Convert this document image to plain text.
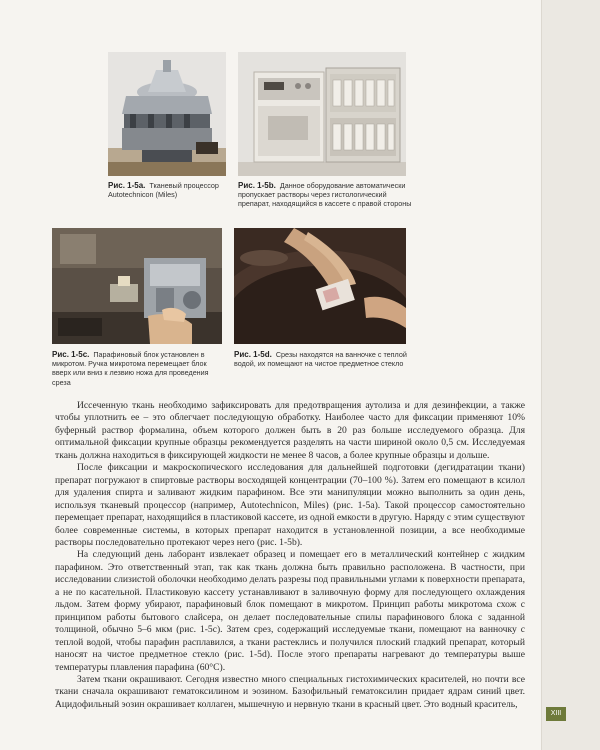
Рис. 1-5a. Тканевый процессор Autotechnicon (Miles)
Рис. 1-5b. Данное оборудование автоматически пропускает растворы через гистологический препарат, находящийся в кассете с правой стороны
Рис. 1-5c. Парафиновый блок установлен в микротом. Ручка микротома перемещает блок вверх или вниз к лезвию ножа для проведения среза
Рис. 1-5d. Срезы находятся на ванночке с теплой водой, их помещают на чистое предметное стекло

Иссеченную ткань необходимо зафиксировать для предотвращения аутолиза и для дезинфекции, а также чтобы уплотнить ее – это облегчает последующую обработку. Наиболее часто для фиксации применяют 10% буферный раствор формалина, объем которого должен быть в 20 раз больше исследуемого образца. Для оптимальной фиксации крупные образцы рекомендуется разделять на части шириной около 0,5 см. Исследуемая ткань должна находиться в фиксирующей жидкости не менее 8 часов, а более крупные образцы и дольше.

После фиксации и макроскопического исследования для дальнейшей подготовки (дегидратации ткани) препарат погружают в спиртовые растворы восходящей концентрации (70–100 %). Затем его помещают в ксилол для удаления спирта и заливают жидким парафином. Все эти манипуляции можно выполнить за один день, используя тканевый процессор (например, Autotechnicon, Miles) (рис. 1-5a). Такой процессор самостоятельно перемещает препарат, находящийся в пластиковой кассете, из одной емкости в другую. Наряду с этим существуют более современные системы, в которых препарат находится в установленной позиции, а все необходимые растворы последовательно протекают через него (рис. 1-5b).

На следующий день лаборант извлекает образец и помещает его в металлический контейнер с жидким парафином. Это ответственный этап, так как ткань должна быть правильно расположена. В частности, при исследовании слизистой оболочки необходимо делать разрезы под правильными углами к поверхности препарата, а не по касательной. Пластиковую кассету устанавливают в заливочную форму для последующего охлаждения льдом. Затем форму убирают, парафиновый блок помещают в микротом. Принцип работы микротома схож с принципом работы бытового слайсера, он делает последовательные спилы парафинового блока с заданной толщиной, обычно 5–6 мкм (рис. 1-5c). Затем срез, содержащий исследуемые ткани, помещают на ванночку с теплой водой, чтобы парафин расплавился, а ткани растеклись и получился плоский гладкий препарат, который наносят на чистое предметное стекло (рис. 1-5d). После этого препараты нагревают до температуры выше температуры плавления парафина (60°C).

Затем ткани окрашивают. Сегодня известно много специальных гистохимических красителей, но почти все ткани сначала окрашивают гематоксилином и эозином. Базофильный гематоксилин придает ядрам синий цвет. Ацидофильный эозин окрашивает коллаген, мышечную и нервную ткани в красный цвет. Это водный краситель,

XIII
